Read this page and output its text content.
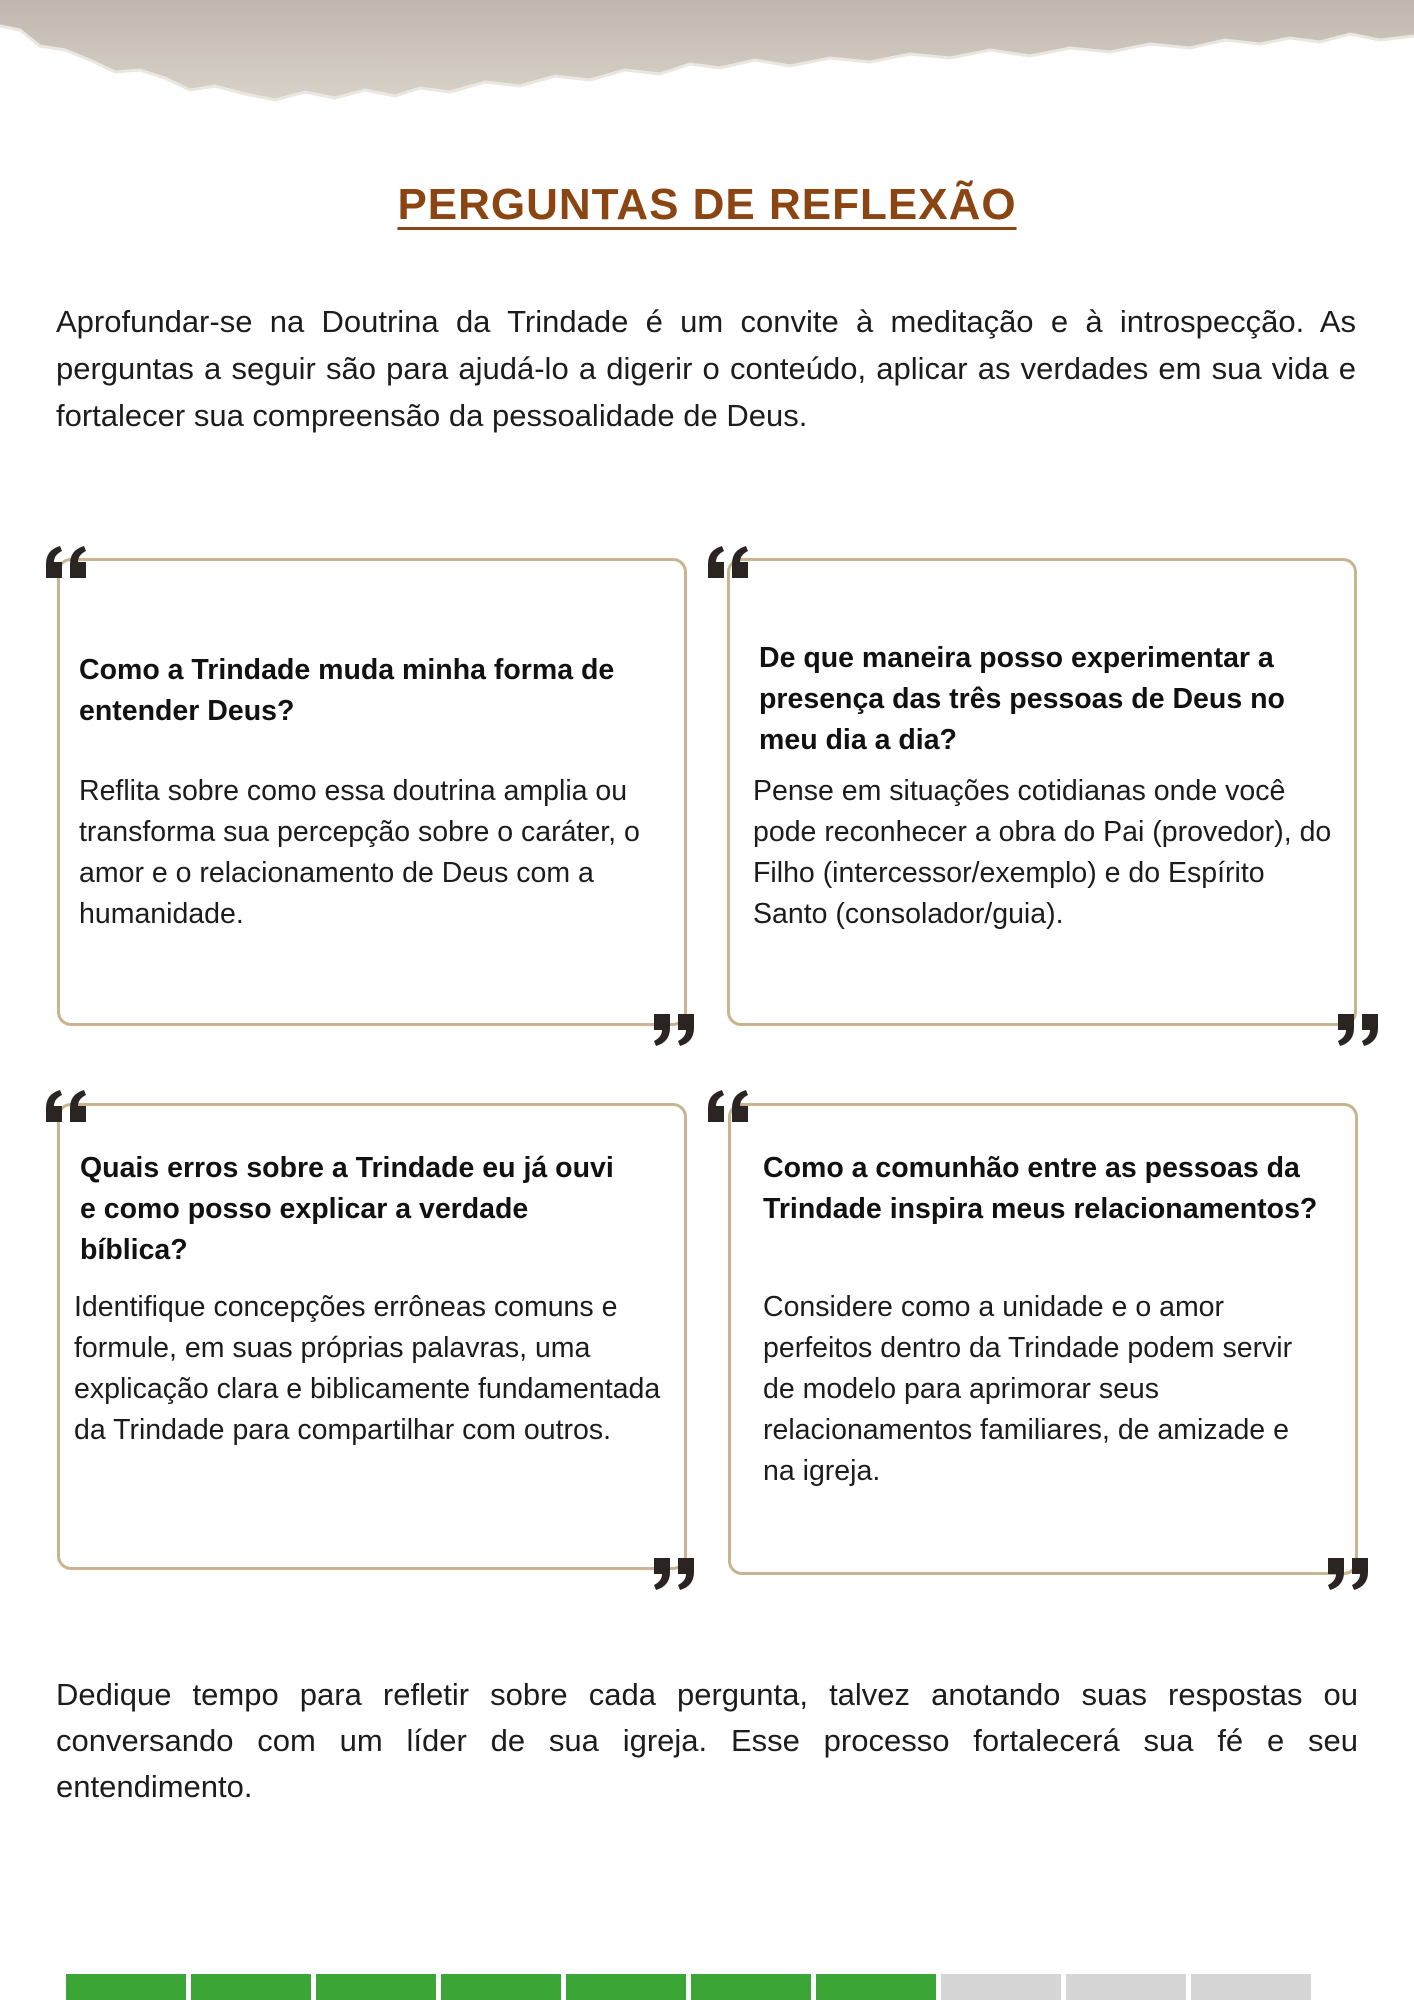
PERGUNTAS DE REFLEXÃO
Aprofundar-se na Doutrina da Trindade é um convite à meditação e à introspecção. As perguntas a seguir são para ajudá-lo a digerir o conteúdo, aplicar as verdades em sua vida e fortalecer sua compreensão da pessoalidade de Deus.
Como a Trindade muda minha forma de entender Deus?
Reflita sobre como essa doutrina amplia ou transforma sua percepção sobre o caráter, o amor e o relacionamento de Deus com a humanidade.
De que maneira posso experimentar a presença das três pessoas de Deus no meu dia a dia?
Pense em situações cotidianas onde você pode reconhecer a obra do Pai (provedor), do Filho (intercessor/exemplo) e do Espírito Santo (consolador/guia).
Quais erros sobre a Trindade eu já ouvi e como posso explicar a verdade bíblica?
Identifique concepções errôneas comuns e formule, em suas próprias palavras, uma explicação clara e biblicamente fundamentada da Trindade para compartilhar com outros.
Como a comunhão entre as pessoas da Trindade inspira meus relacionamentos?
Considere como a unidade e o amor perfeitos dentro da Trindade podem servir de modelo para aprimorar seus relacionamentos familiares, de amizade e na igreja.
Dedique tempo para refletir sobre cada pergunta, talvez anotando suas respostas ou conversando com um líder de sua igreja. Esse processo fortalecerá sua fé e seu entendimento.
